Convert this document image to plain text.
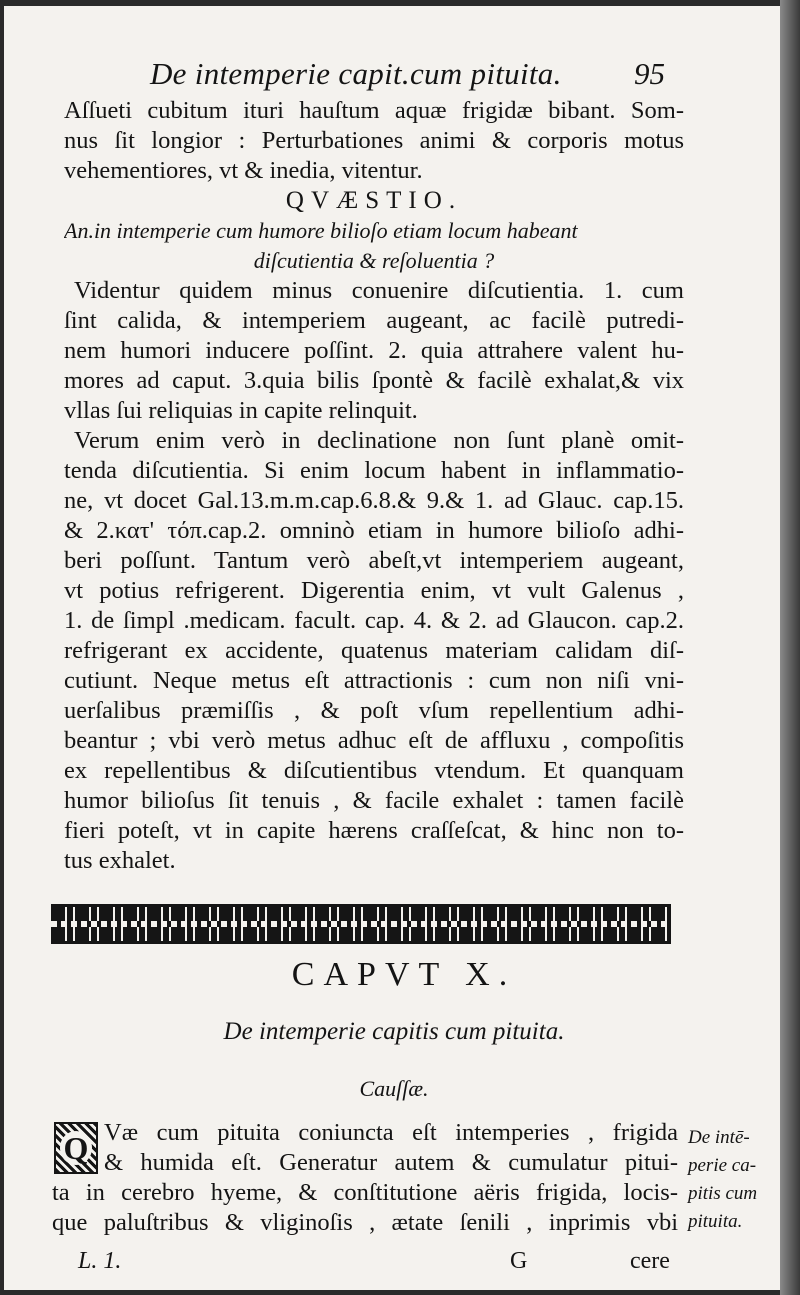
De intemperie capit.cum pituita. 95
Aſſueti cubitum ituri hauſtum aquæ frigidæ bibant. Som-
nus ſit longior : Perturbationes animi & corporis motus
vehementiores, vt & inedia, vitentur.
QVÆSTIO.
An.in intemperie cum humore bilioſo etiam locum habeant
diſcutientia & reſoluentia ?
Videntur quidem minus conuenire diſcutientia. 1. cum
ſint calida, & intemperiem augeant, ac facilè putredi-
nem humori inducere poſſint. 2. quia attrahere valent hu-
mores ad caput. 3.quia bilis ſpontè & facilè exhalat,& vix
vllas ſui reliquias in capite relinquit.
Verum enim verò in declinatione non ſunt planè omit-
tenda diſcutientia. Si enim locum habent in inflammatio-
ne, vt docet Gal.13.m.m.cap.6.8.& 9.& 1. ad Glauc. cap.15.
& 2.κατ' τόπ.cap.2. omninò etiam in humore bilioſo adhi-
beri poſſunt. Tantum verò abeſt,vt intemperiem augeant,
vt potius refrigerent. Digerentia enim, vt vult Galenus ,
1. de ſimpl .medicam. facult. cap. 4. & 2. ad Glaucon. cap.2.
refrigerant ex accidente, quatenus materiam calidam diſ-
cutiunt. Neque metus eſt attractionis : cum non niſi vni-
uerſalibus præmiſſis , & poſt vſum repellentium adhi-
beantur ; vbi verò metus adhuc eſt de affluxu , compoſitis
ex repellentibus & diſcutientibus vtendum. Et quanquam
humor bilioſus ſit tenuis , & facile exhalet : tamen facilè
fieri poteſt, vt in capite hærens craſſeſcat, & hinc non to-
tus exhalet.
CAPVT X.
De intemperie capitis cum pituita.
Cauſſæ.
Q Væ cum pituita coniuncta eſt intemperies , frigida
& humida eſt. Generatur autem & cumulatur pitui-
ta in cerebro hyeme, & conſtitutione aëris frigida, locis-
que paluſtribus & vliginoſis , ætate ſenili , inprimis vbi
De intē-
perie ca-
pitis cum
pituita.
L. 1.	G	cere
